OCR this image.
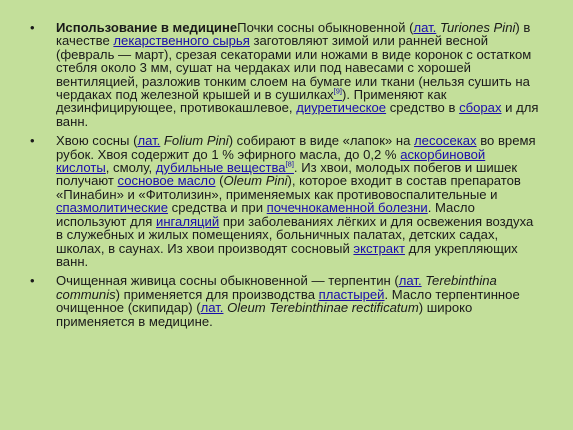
• Использование в медицинеПочки сосны обыкновенной (лат. Turiones Pini) в качестве лекарственного сырья заготовляют зимой или ранней весной (февраль — март), срезая секаторами или ножами в виде коронок с остатком стебля около 3 мм, сушат на чердаках или под навесами с хорошей вентиляцией, разложив тонким слоем на бумаге или ткани (нельзя сушить на чердаках под железной крышей и в сушилках[9]). Применяют как дезинфицирующее, противокашлевое, диуретическое средство в сборах и для ванн.
• Хвою сосны (лат. Folium Pini) собирают в виде «лапок» на лесосеках во время рубок. Хвоя содержит до 1 % эфирного масла, до 0,2 % аскорбиновой кислоты, смолу, дубильные вещества[8]. Из хвои, молодых побегов и шишек получают сосновое масло (Oleum Pini), которое входит в состав препаратов «Пинабин» и «Фитолизин», применяемых как противовоспалительные и спазмолитические средства и при почечнокаменной болезни. Масло используют для ингаляций при заболеваниях лёгких и для освежения воздуха в служебных и жилых помещениях, больничных палатах, детских садах, школах, в саунах. Из хвои производят сосновый экстракт для укрепляющих ванн.
• Очищенная живица сосны обыкновенной — терпентин (лат. Terebinthina communis) применяется для производства пластырей. Масло терпентинное очищенное (скипидар) (лат. Oleum Terebinthinae rectificatum) широко применяется в медицине.
